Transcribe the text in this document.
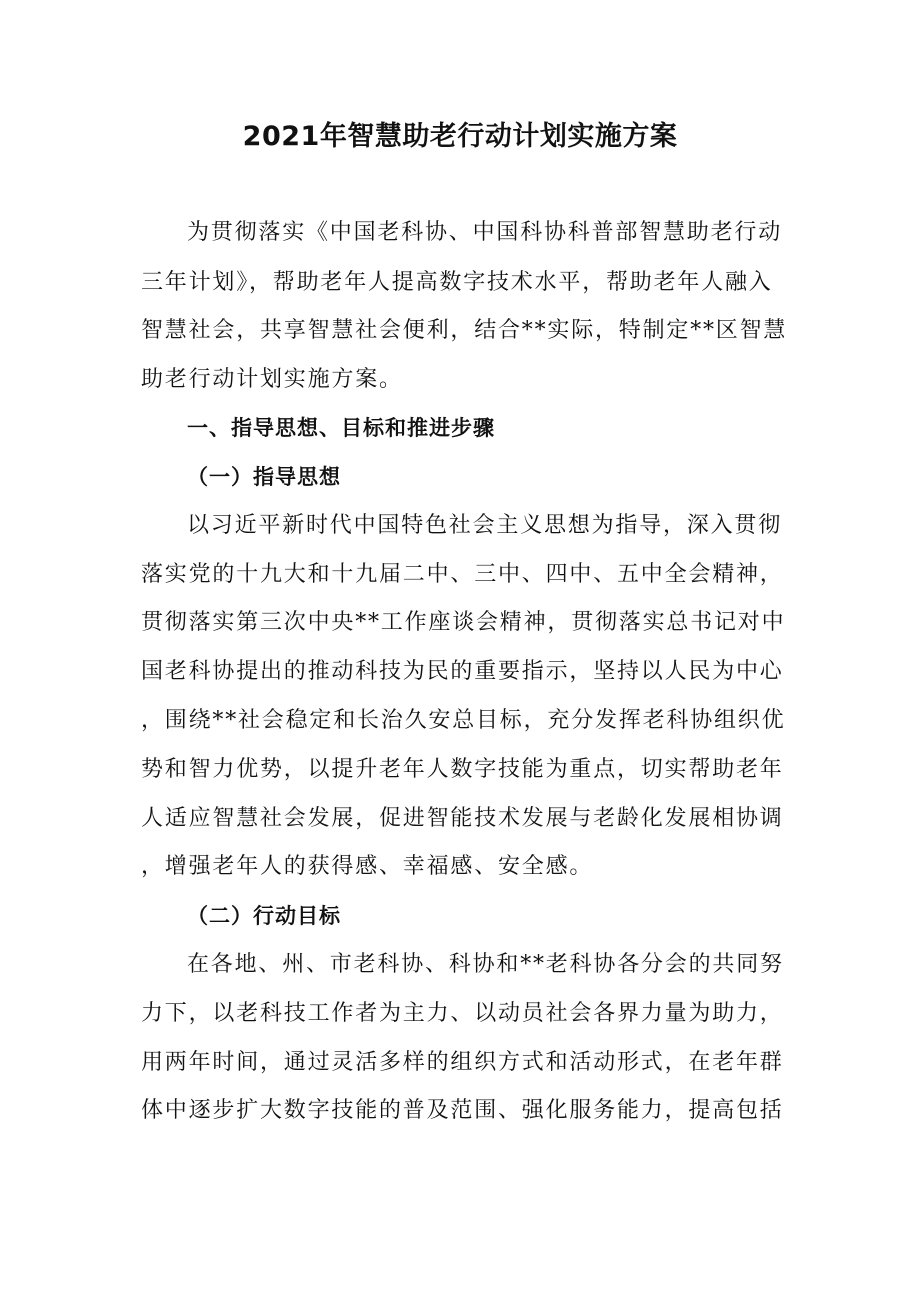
2021年智慧助老行动计划实施方案
为贯彻落实《中国老科协、中国科协科普部智慧助老行动
三年计划》，帮助老年人提高数字技术水平，帮助老年人融入
智慧社会，共享智慧社会便利，结合**实际，特制定**区智慧
助老行动计划实施方案。
一、指导思想、目标和推进步骤
（一）指导思想
以习近平新时代中国特色社会主义思想为指导，深入贯彻
落实党的十九大和十九届二中、三中、四中、五中全会精神，
贯彻落实第三次中央**工作座谈会精神，贯彻落实总书记对中
国老科协提出的推动科技为民的重要指示，坚持以人民为中心
，围绕**社会稳定和长治久安总目标，充分发挥老科协组织优
势和智力优势，以提升老年人数字技能为重点，切实帮助老年
人适应智慧社会发展，促进智能技术发展与老龄化发展相协调
，增强老年人的获得感、幸福感、安全感。
（二）行动目标
在各地、州、市老科协、科协和**老科协各分会的共同努
力下，以老科技工作者为主力、以动员社会各界力量为助力，
用两年时间，通过灵活多样的组织方式和活动形式，在老年群
体中逐步扩大数字技能的普及范围、强化服务能力，提高包括
